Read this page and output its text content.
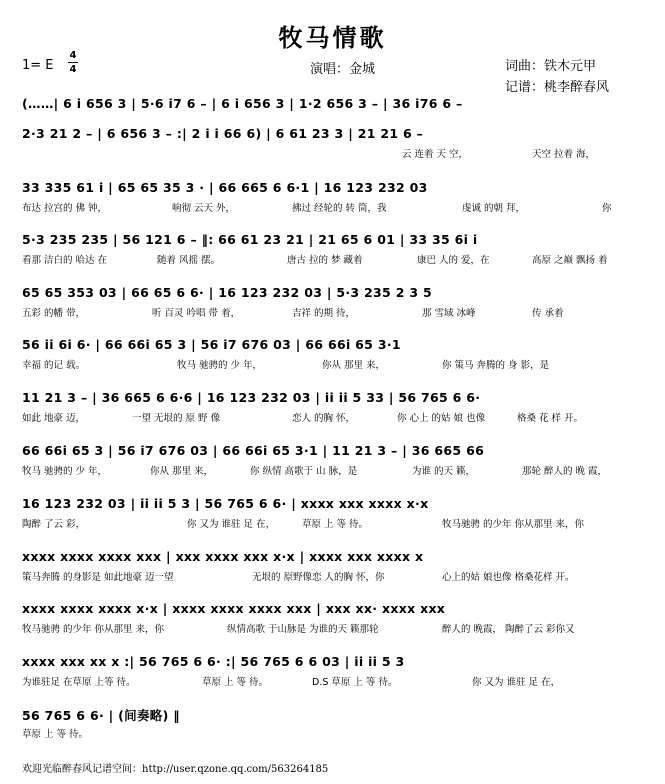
牧马情歌
1= E
4
4	演唱：金城	词曲：铁木元甲
记谱：桃李醉春风
(……| 6 i 656 3 | 5·6 i7 6 – | 6 i 656 3 | 1·2 656 3 – | 36 i76 6 –
2·3 21 2 – | 6 656 3 – :| 2 i i 66 6) | 6 61 23 3 | 21 21 6 –
云 连着 天 空，	天空 拉着 海，
33 335 61 i | 65 65 35 3 · | 66 665 6 6·1 | 16 123 232 03
布达 拉宫的 佛 钟，	响彻 云天 外，	拂过 经轮的 转 筒，我	虔诚 的朝 拜，	你
5·3 235 235 | 56 121 6 – ‖: 66 61 23 21 | 21 65 6 01 | 33 35 6i i
看那 洁白的 哈达 在	随着 风摇 摆。	唐古 拉的 梦 藏着	康巴 人的 爱，在	高原 之巅 飘扬 着
65 65 353 03 | 66 65 6 6· | 16 123 232 03 | 5·3 235 2 3 5
五彩 的幡 带，	听 百灵 吟唱 带 着，	吉祥 的期 待，	那 雪域 冰峰	传 承着
56 ii 6i 6· | 66 66i 65 3 | 56 i7 676 03 | 66 66i 65 3·1
幸福 的记 载。	牧马 驰骋的 少 年，	你从 那里 来，	你 策马 奔腾的 身 影，是
11 21 3 – | 36 665 6 6·6 | 16 123 232 03 | ii ii 5 33 | 56 765 6 6·
如此 地豪 迈，	一望 无垠的 原 野 像	恋人 的胸 怀，	你 心上 的姑 娘 也像	格桑 花 样 开。
66 66i 65 3 | 56 i7 676 03 | 66 66i 65 3·1 | 11 21 3 – | 36 665 66
牧马 驰骋的 少 年，	你从 那里 来，	你 纵情 高歌于 山 脉，是	为谁 的天 籁，	那轮 醉人的 晚 霞，
16 123 232 03 | ii ii 5 3 | 56 765 6 6· | xxxx xxx xxxx x·x
陶醉 了云 彩，	你 又为 谁驻 足 在，	草原 上 等 待。	牧马驰骋 的少年 你从那里 来，你
xxxx xxxx xxxx xxx | xxx xxxx xxx x·x | xxxx xxx xxxx x
策马奔腾 的身影是 如此地豪 迈一望	无垠的 原野像恋 人的胸 怀，你	心上的姑 娘也像 格桑花样 开。
xxxx xxxx xxxx x·x | xxxx xxxx xxxx xxx | xxx xx· xxxx xxx
牧马驰骋 的少年 你从那里 来，你	纵情高歌 于山脉是 为谁的天 籁那轮	醉人的 晚霞， 陶醉了云 彩你又
xxxx xxx xx x :| 56 765 6 6· :| 56 765 6 6 03 | ii ii 5 3
为谁驻足 在草原 上等 待。	草原 上 等 待。	D.S 草原 上 等 待。	你 又为 谁驻 足 在，
56 765 6 6· | (间奏略) ‖
草原 上 等 待。
欢迎光临醉春风记谱空间：http://user.qzone.qq.com/563264185
